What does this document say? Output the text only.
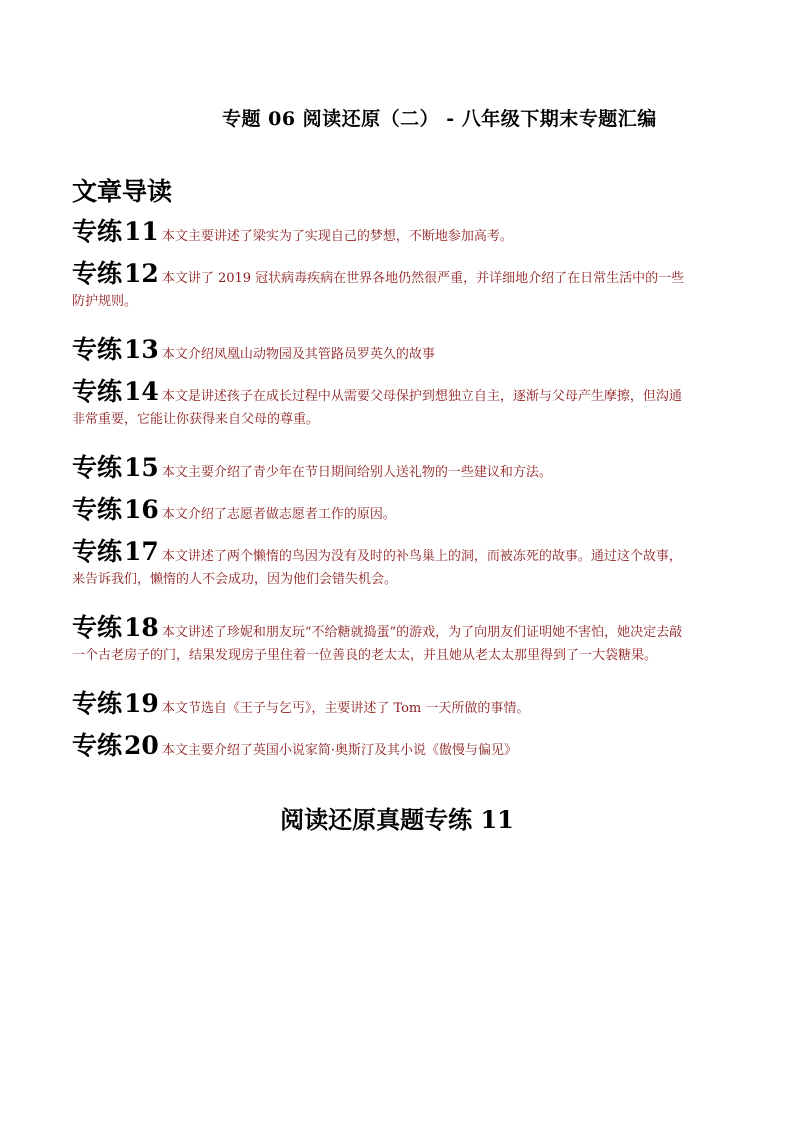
专题 06 阅读还原（二） - 八年级下期末专题汇编
文章导读
专练11 本文主要讲述了梁实为了实现自己的梦想，不断地参加高考。
专练12 本文讲了 2019 冠状病毒疾病在世界各地仍然很严重，并详细地介绍了在日常生活中的一些
防护规则。
专练13 本文介绍凤凰山动物园及其管路员罗英久的故事
专练14 本文是讲述孩子在成长过程中从需要父母保护到想独立自主，逐渐与父母产生摩擦，但沟通
非常重要，它能让你获得来自父母的尊重。
专练15 本文主要介绍了青少年在节日期间给别人送礼物的一些建议和方法。
专练16 本文介绍了志愿者做志愿者工作的原因。
专练17 本文讲述了两个懒惰的鸟因为没有及时的补鸟巢上的洞，而被冻死的故事。通过这个故事，
来告诉我们，懒惰的人不会成功，因为他们会错失机会。
专练18 本文讲述了珍妮和朋友玩“不给糖就捣蛋”的游戏，为了向朋友们证明她不害怕，她决定去敲
一个古老房子的门，结果发现房子里住着一位善良的老太太，并且她从老太太那里得到了一大袋糖果。
专练19 本文节选自《王子与乞丐》，主要讲述了 Tom 一天所做的事情。
专练20 本文主要介绍了英国小说家简·奥斯汀及其小说《傲慢与偏见》
阅读还原真题专练 11
